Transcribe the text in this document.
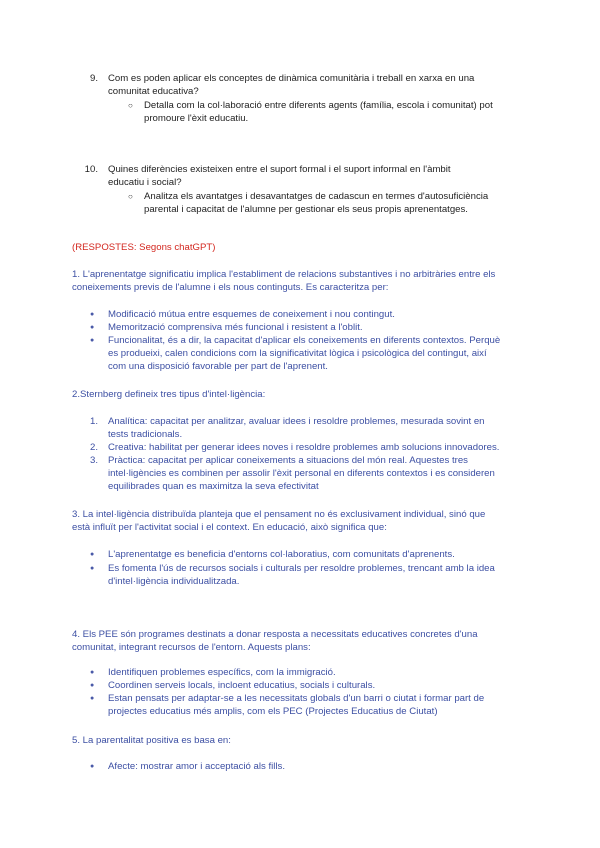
9. Com es poden aplicar els conceptes de dinàmica comunitària i treball en xarxa en una
comunitat educativa?
○ Detalla com la col·laboració entre diferents agents (família, escola i comunitat) pot
promoure l'èxit educatiu.
10. Quines diferències existeixen entre el suport formal i el suport informal en l'àmbit
educatiu i social?
○ Analitza els avantatges i desavantatges de cadascun en termes d'autosuficiència
parental i capacitat de l'alumne per gestionar els seus propis aprenentatges.
(RESPOSTES: Segons chatGPT)
1. L'aprenentatge significatiu implica l'establiment de relacions substantives i no arbitràries entre els
coneixements previs de l'alumne i els nous continguts. Es caracteritza per:
● Modificació mútua entre esquemes de coneixement i nou contingut.
● Memorització comprensiva més funcional i resistent a l'oblit.
● Funcionalitat, és a dir, la capacitat d'aplicar els coneixements en diferents contextos. Perquè
es produeixi, calen condicions com la significativitat lògica i psicològica del contingut, així
com una disposició favorable per part de l'aprenent.
2.Sternberg defineix tres tipus d'intel·ligència:
1. Analítica: capacitat per analitzar, avaluar idees i resoldre problemes, mesurada sovint en
tests tradicionals.
2. Creativa: habilitat per generar idees noves i resoldre problemes amb solucions innovadores.
3. Pràctica: capacitat per aplicar coneixements a situacions del món real. Aquestes tres
intel·ligències es combinen per assolir l'èxit personal en diferents contextos i es consideren
equilibrades quan es maximitza la seva efectivitat
3. La intel·ligència distribuïda planteja que el pensament no és exclusivament individual, sinó que
està influït per l'activitat social i el context. En educació, això significa que:
● L'aprenentatge es beneficia d'entorns col·laboratius, com comunitats d'aprenents.
● Es fomenta l'ús de recursos socials i culturals per resoldre problemes, trencant amb la idea
d'intel·ligència individualitzada.
4. Els PEE són programes destinats a donar resposta a necessitats educatives concretes d'una
comunitat, integrant recursos de l'entorn. Aquests plans:
● Identifiquen problemes específics, com la immigració.
● Coordinen serveis locals, incloent educatius, socials i culturals.
● Estan pensats per adaptar-se a les necessitats globals d'un barri o ciutat i formar part de
projectes educatius més amplis, com els PEC (Projectes Educatius de Ciutat)
5. La parentalitat positiva es basa en:
● Afecte: mostrar amor i acceptació als fills.
